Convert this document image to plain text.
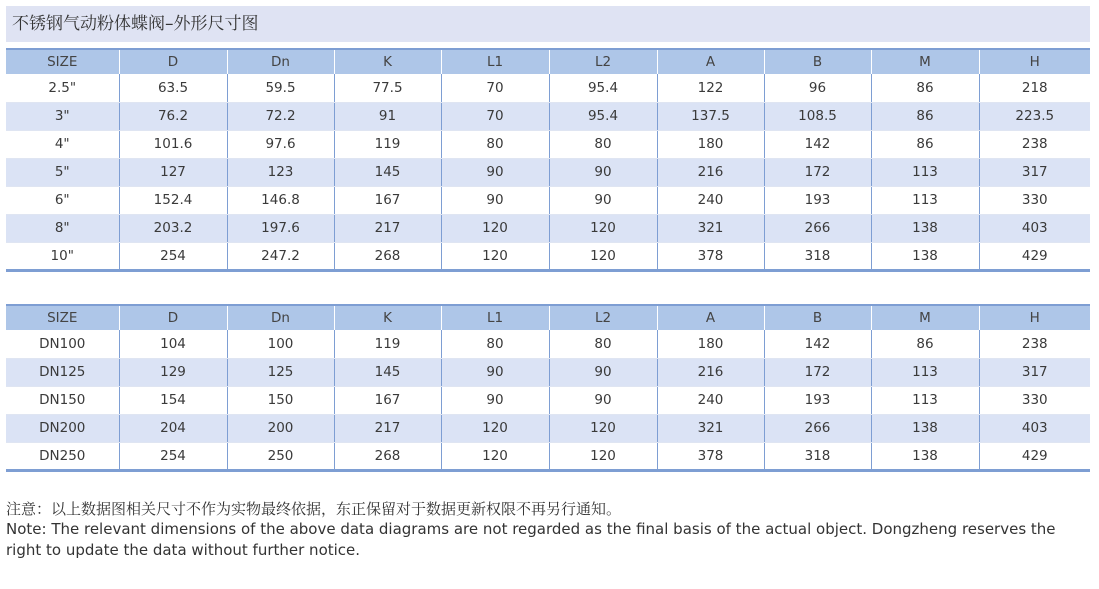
不锈钢气动粉体蝶阀–外形尺寸图
SIZE	D	Dn	K	L1	L2	A	B	M	H
2.5"	63.5	59.5	77.5	70	95.4	122	96	86	218
3"	76.2	72.2	91	70	95.4	137.5	108.5	86	223.5
4"	101.6	97.6	119	80	80	180	142	86	238
5"	127	123	145	90	90	216	172	113	317
6"	152.4	146.8	167	90	90	240	193	113	330
8"	203.2	197.6	217	120	120	321	266	138	403
10"	254	247.2	268	120	120	378	318	138	429
SIZE	D	Dn	K	L1	L2	A	B	M	H
DN100	104	100	119	80	80	180	142	86	238
DN125	129	125	145	90	90	216	172	113	317
DN150	154	150	167	90	90	240	193	113	330
DN200	204	200	217	120	120	321	266	138	403
DN250	254	250	268	120	120	378	318	138	429
注意：以上数据图相关尺寸不作为实物最终依据，东正保留对于数据更新权限不再另行通知。
Note: The relevant dimensions of the above data diagrams are not regarded as the final basis of the actual object. Dongzheng reserves the right to update the data without further notice.
